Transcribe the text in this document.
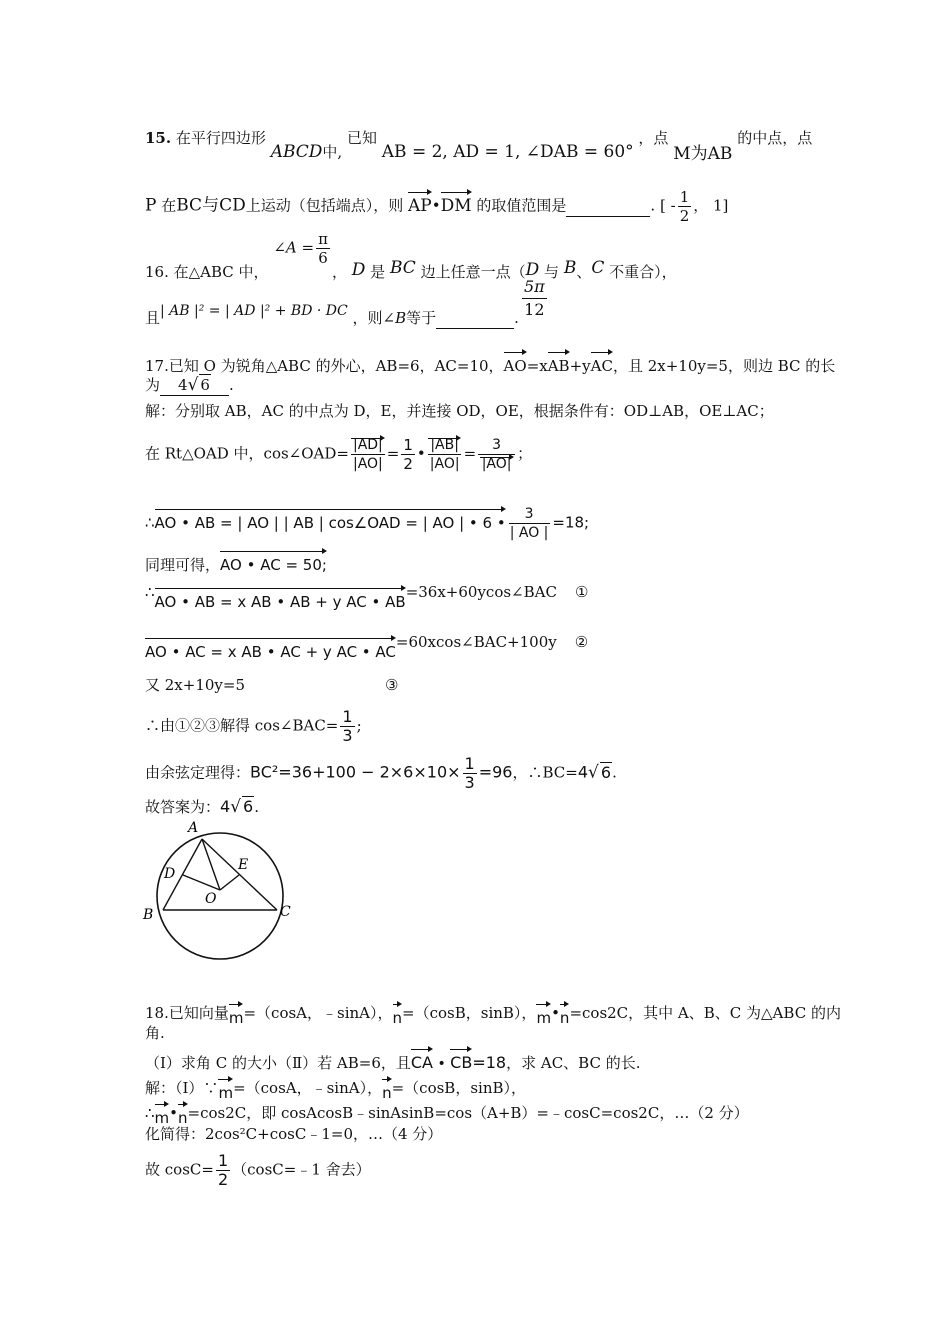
15. 在平行四边形 ABCD中, 已知 AB = 2, AD = 1, ∠DAB = 60° ，点 M为AB 的中点，点
P 在BC与CD上运动（包括端点），则 AP•DM 的取值范围是	. [ - $\frac{1}{2}$ ， 1]
16. 在△ABC 中， ∠A = $\frac{\pi}{6}$
， D 是 BC 边上任意一点（D 与 B、C 不重合），
且| AB |² = | AD |² + BD · DC ，则∠B等于	. $\frac{5\pi}{12}$
17.已知 O 为锐角△ABC 的外心，AB=6，AC=10，AO=xAB+yAC，且 2x+10y=5，则边 BC 的长
为 4√ 6 .
解：分别取 AB，AC 的中点为 D，E，并连接 OD，OE，根据条件有：OD⊥AB，OE⊥AC；
在 Rt△OAD 中，cos∠OAD= $\frac{|AD|}{|AO|} = \frac{1}{2}$ • $\frac{|AB|}{|AO|} = \frac{3}{|AO|}$ ；
∴AO • AB = | AO | | AB | cos∠OAD = | AO | • 6 • $\frac{3}{| AO |} =18$;
同理可得，AO • AC = 50;
∴AO • AB = x AB • AB + y AC • AB=36x+60ycos∠BAC ①
AO • AC = x AB • AC + y AC • AC=60xcos∠BAC+100y ②
又 2x+10y=5	③
∴由①②③解得 cos∠BAC= $\frac{1}{3}$ ;
由余弦定理得：$BC^2=36+100 - 2\times 6\times 10\times \frac{1}{3} =96$，∴BC=4√ 6.
故答案为：4√ 6.
A
B	C
D
E
O
18.已知向量m=（cosA，﹣sinA），n=（cosB，sinB），m•n=cos2C，其中 A、B、C 为△ABC 的内
角.
（Ⅰ）求角 C 的大小（Ⅱ）若 AB=6，且CA • CB=18，求 AC、BC 的长.
解：（Ⅰ）∵m=（cosA，﹣sinA），n=（cosB，sinB），
∴m•n=cos2C，即 cosAcosB﹣sinAsinB=cos（A+B）=﹣cosC=cos2C，…（2 分）
化简得：2cos²C+cosC﹣1=0，…（4 分）
故 $\cos C= \frac{1}{2}$ （cosC=﹣1 舍去）
